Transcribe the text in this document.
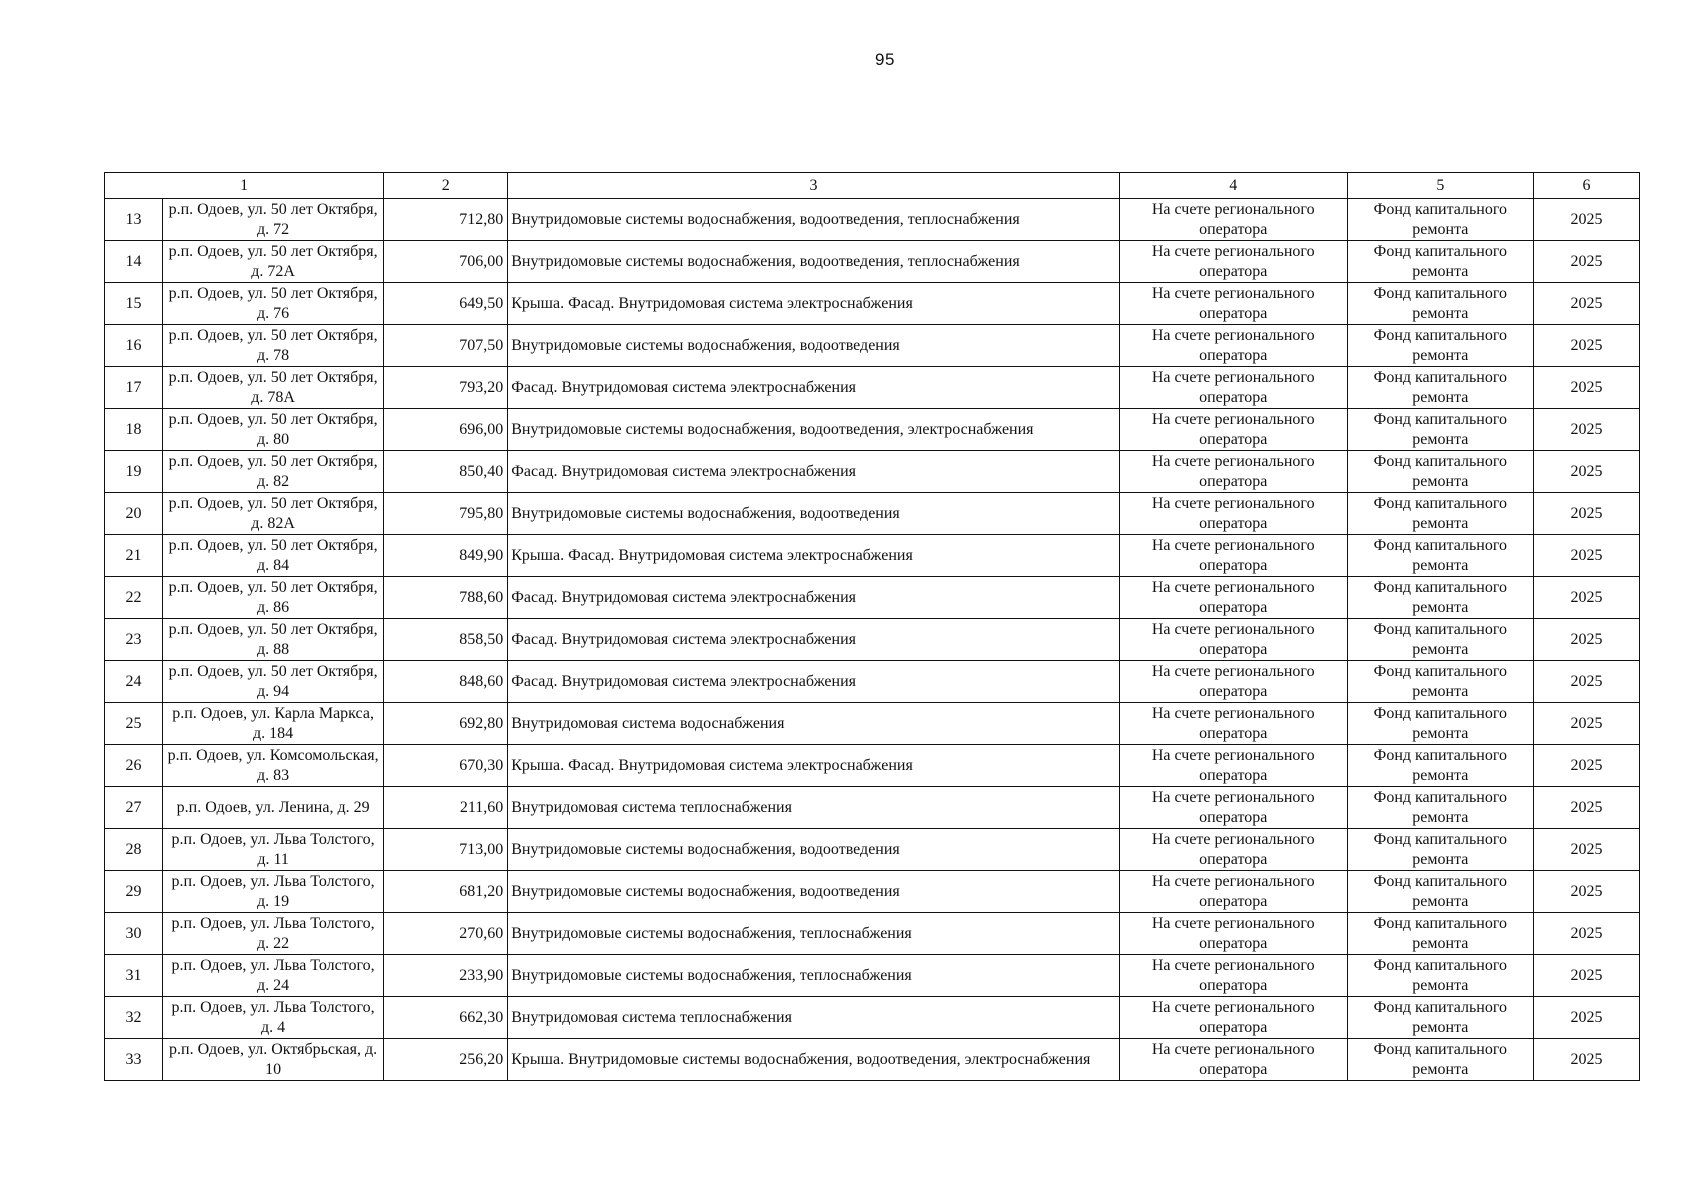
95
1		2	3	4	5	6
13	р.п. Одоев, ул. 50 лет Октября, д. 72	712,80	Внутридомовые системы водоснабжения, водоотведения, теплоснабжения	На счете регионального оператора	Фонд капитального ремонта	2025
14	р.п. Одоев, ул. 50 лет Октября, д. 72А	706,00	Внутридомовые системы водоснабжения, водоотведения, теплоснабжения	На счете регионального оператора	Фонд капитального ремонта	2025
15	р.п. Одоев, ул. 50 лет Октября, д. 76	649,50	Крыша. Фасад. Внутридомовая система электроснабжения	На счете регионального оператора	Фонд капитального ремонта	2025
16	р.п. Одоев, ул. 50 лет Октября, д. 78	707,50	Внутридомовые системы водоснабжения, водоотведения	На счете регионального оператора	Фонд капитального ремонта	2025
17	р.п. Одоев, ул. 50 лет Октября, д. 78А	793,20	Фасад. Внутридомовая система электроснабжения	На счете регионального оператора	Фонд капитального ремонта	2025
18	р.п. Одоев, ул. 50 лет Октября, д. 80	696,00	Внутридомовые системы водоснабжения, водоотведения, электроснабжения	На счете регионального оператора	Фонд капитального ремонта	2025
19	р.п. Одоев, ул. 50 лет Октября, д. 82	850,40	Фасад. Внутридомовая система электроснабжения	На счете регионального оператора	Фонд капитального ремонта	2025
20	р.п. Одоев, ул. 50 лет Октября, д. 82А	795,80	Внутридомовые системы водоснабжения, водоотведения	На счете регионального оператора	Фонд капитального ремонта	2025
21	р.п. Одоев, ул. 50 лет Октября, д. 84	849,90	Крыша. Фасад. Внутридомовая система электроснабжения	На счете регионального оператора	Фонд капитального ремонта	2025
22	р.п. Одоев, ул. 50 лет Октября, д. 86	788,60	Фасад. Внутридомовая система электроснабжения	На счете регионального оператора	Фонд капитального ремонта	2025
23	р.п. Одоев, ул. 50 лет Октября, д. 88	858,50	Фасад. Внутридомовая система электроснабжения	На счете регионального оператора	Фонд капитального ремонта	2025
24	р.п. Одоев, ул. 50 лет Октября, д. 94	848,60	Фасад. Внутридомовая система электроснабжения	На счете регионального оператора	Фонд капитального ремонта	2025
25	р.п. Одоев, ул. Карла Маркса, д. 184	692,80	Внутридомовая система водоснабжения	На счете регионального оператора	Фонд капитального ремонта	2025
26	р.п. Одоев, ул. Комсомольская, д. 83	670,30	Крыша. Фасад. Внутридомовая система электроснабжения	На счете регионального оператора	Фонд капитального ремонта	2025
27	р.п. Одоев, ул. Ленина, д. 29	211,60	Внутридомовая система теплоснабжения	На счете регионального оператора	Фонд капитального ремонта	2025
28	р.п. Одоев, ул. Льва Толстого, д. 11	713,00	Внутридомовые системы водоснабжения, водоотведения	На счете регионального оператора	Фонд капитального ремонта	2025
29	р.п. Одоев, ул. Льва Толстого, д. 19	681,20	Внутридомовые системы водоснабжения, водоотведения	На счете регионального оператора	Фонд капитального ремонта	2025
30	р.п. Одоев, ул. Льва Толстого, д. 22	270,60	Внутридомовые системы водоснабжения, теплоснабжения	На счете регионального оператора	Фонд капитального ремонта	2025
31	р.п. Одоев, ул. Льва Толстого, д. 24	233,90	Внутридомовые системы водоснабжения, теплоснабжения	На счете регионального оператора	Фонд капитального ремонта	2025
32	р.п. Одоев, ул. Льва Толстого, д. 4	662,30	Внутридомовая система теплоснабжения	На счете регионального оператора	Фонд капитального ремонта	2025
33	р.п. Одоев, ул. Октябрьская, д. 10	256,20	Крыша. Внутридомовые системы водоснабжения, водоотведения, электроснабжения	На счете регионального оператора	Фонд капитального ремонта	2025
